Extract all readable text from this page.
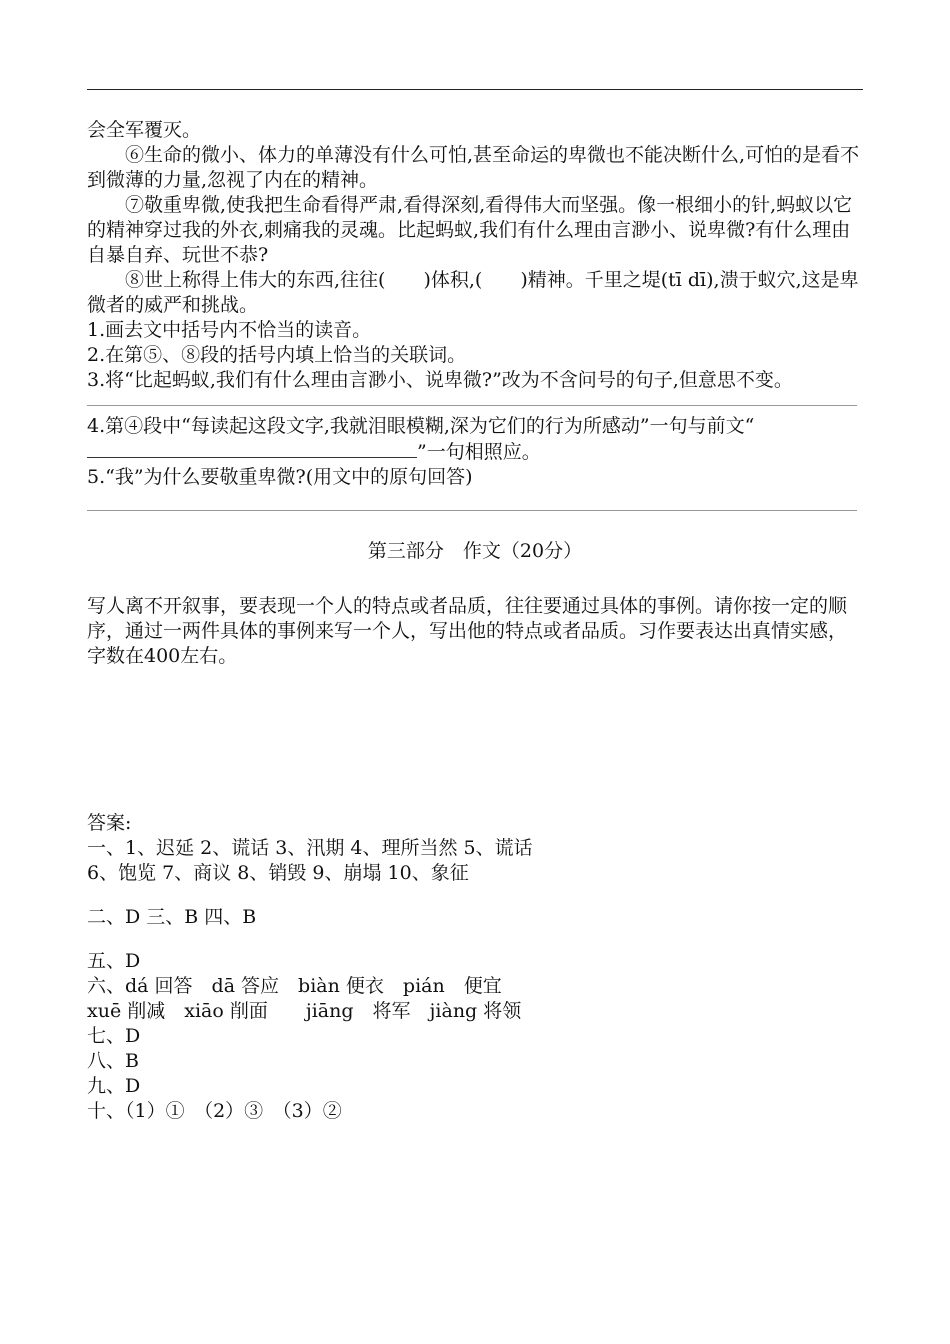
会全军覆灭。

⑥生命的微小、体力的单薄没有什么可怕,甚至命运的卑微也不能决断什么,可怕的是看不到微薄的力量,忽视了内在的精神。

⑦敬重卑微,使我把生命看得严肃,看得深刻,看得伟大而坚强。像一根细小的针,蚂蚁以它的精神穿过我的外衣,刺痛我的灵魂。比起蚂蚁,我们有什么理由言渺小、说卑微?有什么理由自暴自弃、玩世不恭?

⑧世上称得上伟大的东西,往往(　　)体积,(　　)精神。千里之堤(tī dī),溃于蚁穴,这是卑微者的威严和挑战。

1.画去文中括号内不恰当的读音。

2.在第⑤、⑧段的括号内填上恰当的关联词。

3.将“比起蚂蚁,我们有什么理由言渺小、说卑微?”改为不含问号的句子,但意思不变。

4.第④段中“每读起这段文字,我就泪眼模糊,深为它们的行为所感动”一句与前文“”一句相照应。

5.“我”为什么要敬重卑微?(用文中的原句回答)

第三部分　作文（20分）

写人离不开叙事，要表现一个人的特点或者品质，往往要通过具体的事例。请你按一定的顺序，通过一两件具体的事例来写一个人，写出他的特点或者品质。习作要表达出真情实感，字数在400左右。

答案:

一、1、迟延 2、谎话 3、汛期 4、理所当然 5、谎话

6、饱览 7、商议 8、销毁 9、崩塌 10、象征

二、D 三、B 四、B

五、D

六、dá 回答　dā 答应　biàn 便衣　pián　便宜

xuē 削减　xiāo 削面　　jiāng　将军　jiàng 将领

七、D

八、B

九、D

十、（1）①　（2）③　（3）②
